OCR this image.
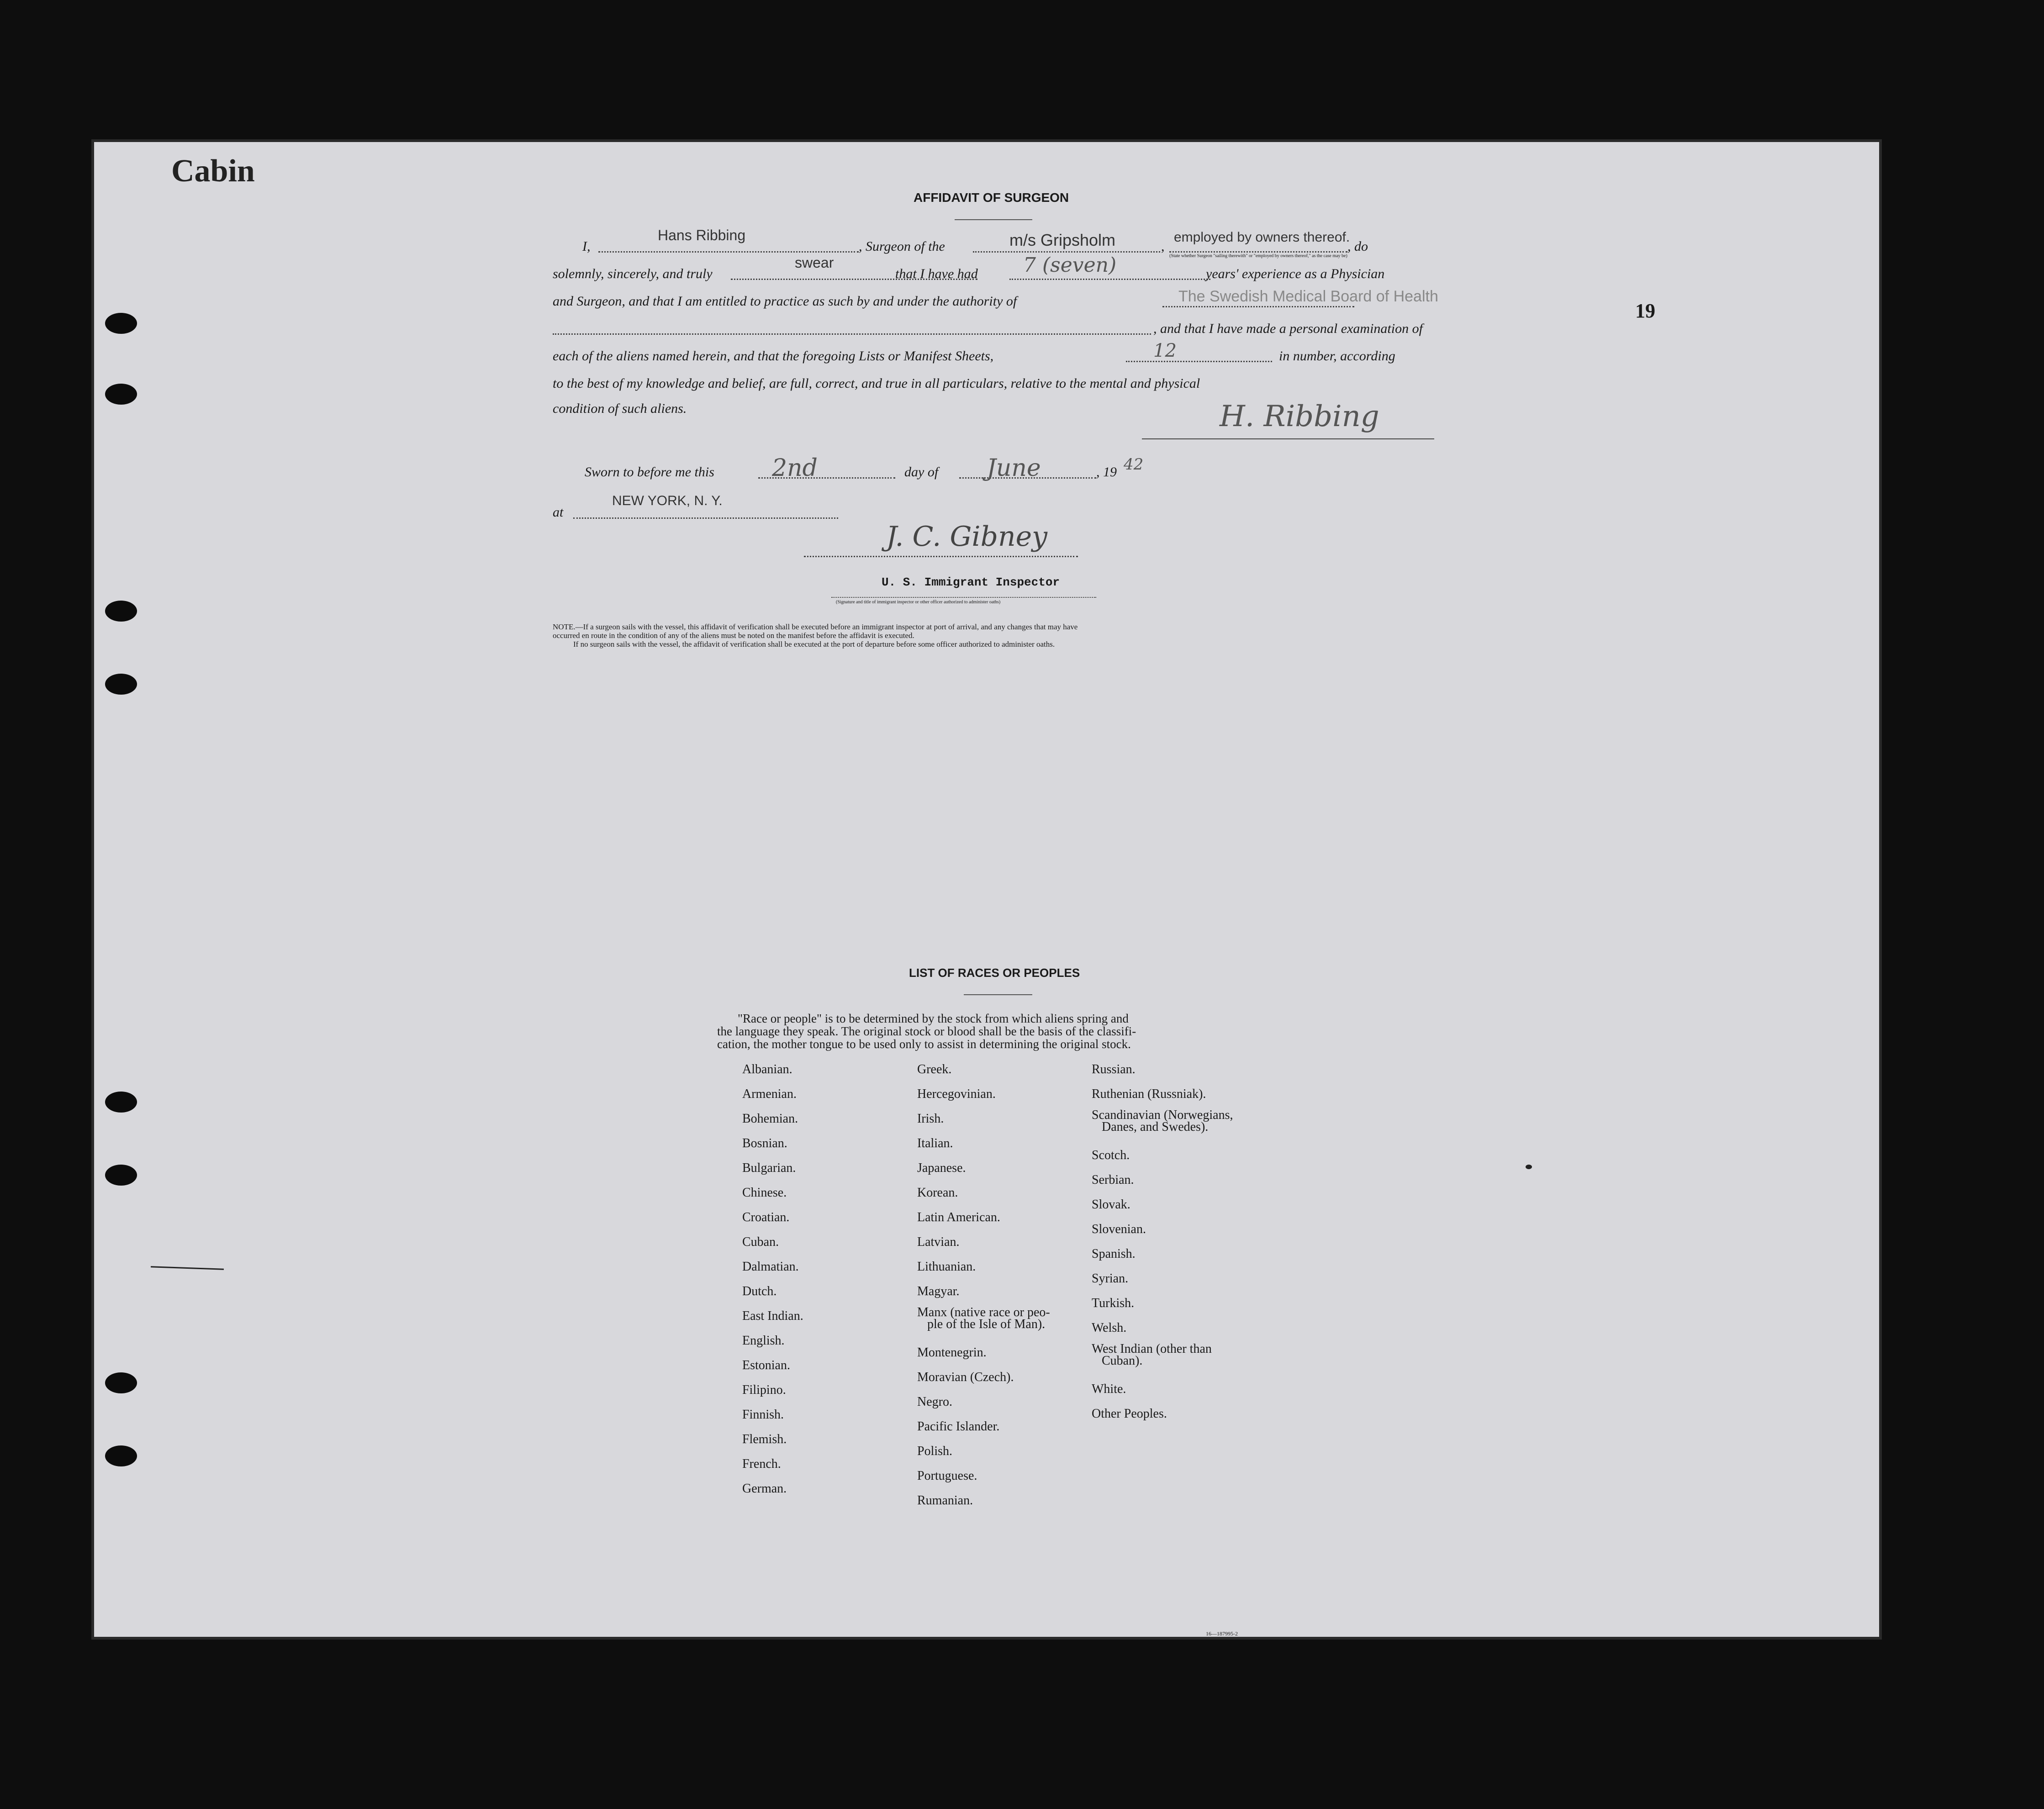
Cabin
19
AFFIDAVIT OF SURGEON
I,
Hans Ribbing
, Surgeon of the	m/s Gripsholm	,
employed by owners thereof.
(State whether Surgeon "sailing therewith" or "employed by owners thereof," as the case may be)
, do
solemnly, sincerely, and truly
swear
that I have had 7 (seven)	years' experience as a Physician
and Surgeon, and that I am entitled to practice as such by and under the authority of	The Swedish Medical Board of Health
, and that I have made a personal examination of
each of the aliens named herein, and that the foregoing Lists or Manifest Sheets,	12	in number, according
to the best of my knowledge and belief, are full, correct, and true in all particulars, relative to the mental and physical
condition of such aliens.	H. Ribbing
Sworn to before me this 2nd	day of June	, 19 42
at
NEW YORK, N. Y.
J. C. Gibney
U. S. Immigrant Inspector
(Signature and title of immigrant inspector or other officer authorized to administer oaths)
NOTE.—If a surgeon sails with the vessel, this affidavit of verification shall be executed before an immigrant inspector at port of arrival, and any changes that may have
occurred en route in the condition of any of the aliens must be noted on the manifest before the affidavit is executed.
If no surgeon sails with the vessel, the affidavit of verification shall be executed at the port of departure before some officer authorized to administer oaths.
LIST OF RACES OR PEOPLES
"Race or people" is to be determined by the stock from which aliens spring and
the language they speak. The original stock or blood shall be the basis of the classifi-
cation, the mother tongue to be used only to assist in determining the original stock.
Albanian.
Armenian.
Bohemian.
Bosnian.
Bulgarian.
Chinese.
Croatian.
Cuban.
Dalmatian.
Dutch.
East Indian.
English.
Estonian.
Filipino.
Finnish.
Flemish.
French.
German.
Greek.
Hercegovinian.
Irish.
Italian.
Japanese.
Korean.
Latin American.
Latvian.
Lithuanian.
Magyar.
Manx (native race or peo-
ple of the Isle of Man).
Montenegrin.
Moravian (Czech).
Negro.
Pacific Islander.
Polish.
Portuguese.
Rumanian.
Russian.
Ruthenian (Russniak).
Scandinavian (Norwegians,
Danes, and Swedes).
Scotch.
Serbian.
Slovak.
Slovenian.
Spanish.
Syrian.
Turkish.
Welsh.
West Indian (other than
Cuban).
White.
Other Peoples.
16—187995-2
